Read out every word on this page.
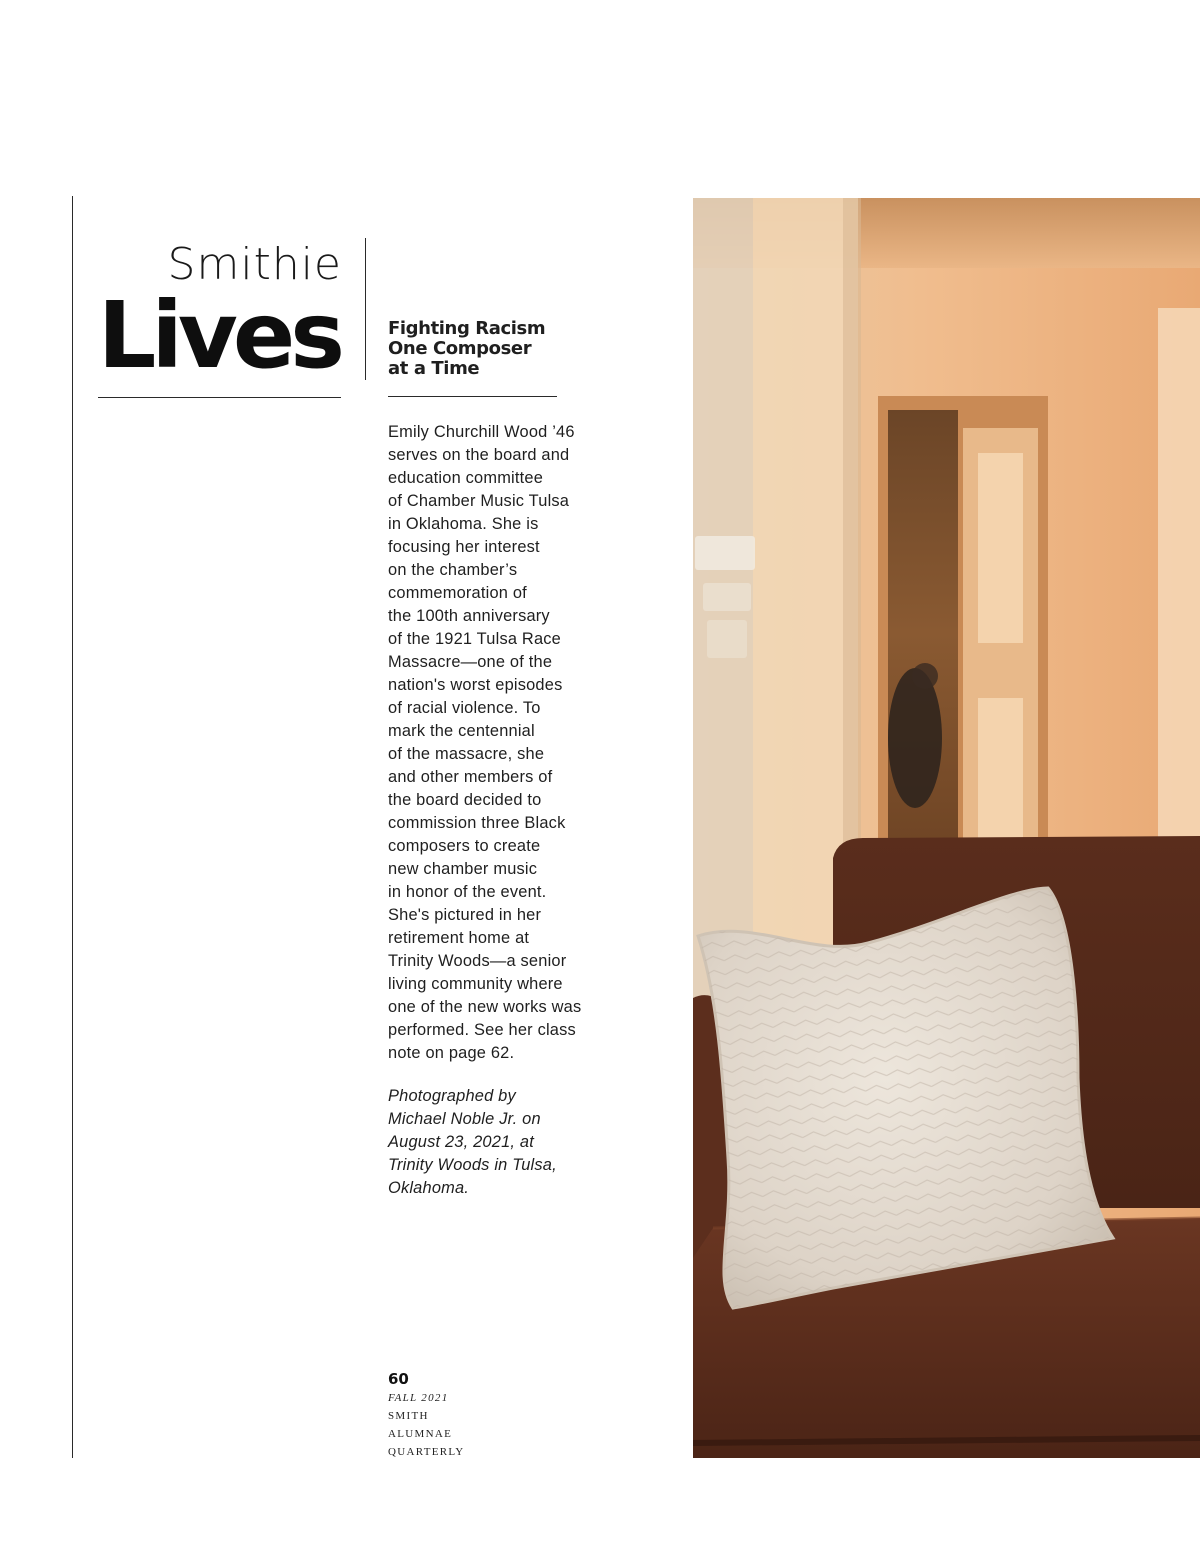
Smithie
Lives	Fighting Racism
One Composer
at a Time

Emily Churchill Wood ’46
serves on the board and
education committee
of Chamber Music Tulsa
in Oklahoma. She is
focusing her interest
on the chamber’s
commemoration of
the 100th anniversary
of the 1921 Tulsa Race
Massacre—one of the
nation's worst episodes
of racial violence. To
mark the centennial
of the massacre, she
and other members of
the board decided to
commission three Black
composers to create
new chamber music
in honor of the event.
She's pictured in her
retirement home at
Trinity Woods—a senior
living community where
one of the new works was
performed. See her class
note on page 62.

Photographed by
Michael Noble Jr. on
August 23, 2021, at
Trinity Woods in Tulsa,
Oklahoma.

60
FALL 2021
SMITH
ALUMNAE
QUARTERLY
